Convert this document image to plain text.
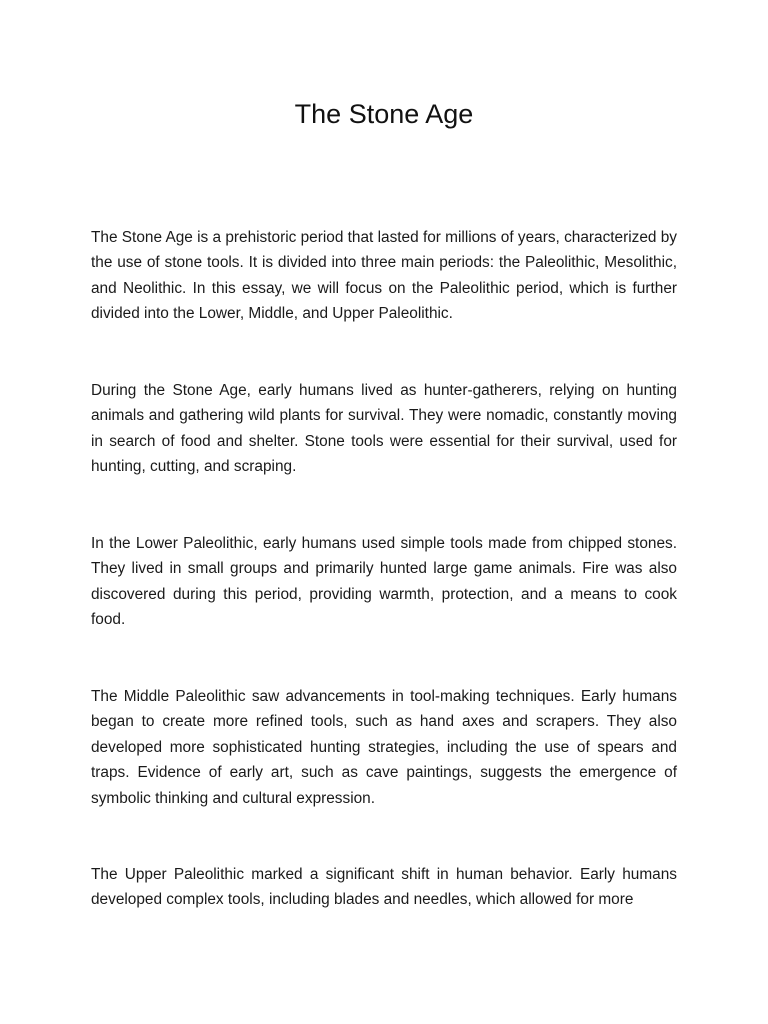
The Stone Age

The Stone Age is a prehistoric period that lasted for millions of years, characterized by the use of stone tools. It is divided into three main periods: the Paleolithic, Mesolithic, and Neolithic. In this essay, we will focus on the Paleolithic period, which is further divided into the Lower, Middle, and Upper Paleolithic.

During the Stone Age, early humans lived as hunter-gatherers, relying on hunting animals and gathering wild plants for survival. They were nomadic, constantly moving in search of food and shelter. Stone tools were essential for their survival, used for hunting, cutting, and scraping.

In the Lower Paleolithic, early humans used simple tools made from chipped stones. They lived in small groups and primarily hunted large game animals. Fire was also discovered during this period, providing warmth, protection, and a means to cook food.

The Middle Paleolithic saw advancements in tool-making techniques. Early humans began to create more refined tools, such as hand axes and scrapers. They also developed more sophisticated hunting strategies, including the use of spears and traps. Evidence of early art, such as cave paintings, suggests the emergence of symbolic thinking and cultural expression.

The Upper Paleolithic marked a significant shift in human behavior. Early humans developed complex tools, including blades and needles, which allowed for more
